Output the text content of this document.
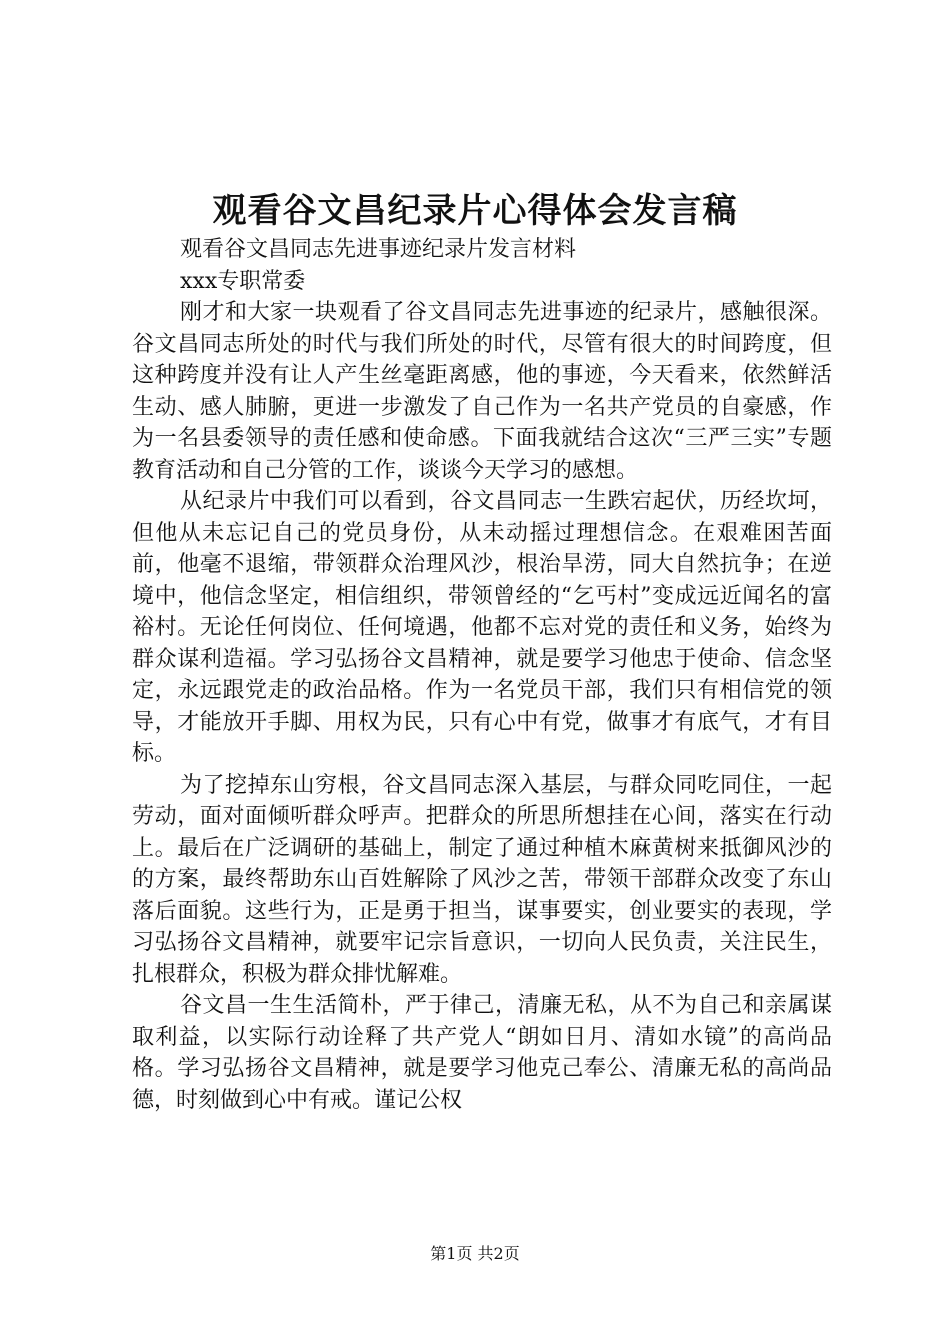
观看谷文昌纪录片心得体会发言稿

观看谷文昌同志先进事迹纪录片发言材料

xxx专职常委

刚才和大家一块观看了谷文昌同志先进事迹的纪录片，感触很深。谷文昌同志所处的时代与我们所处的时代，尽管有很大的时间跨度，但这种跨度并没有让人产生丝毫距离感，他的事迹，今天看来，依然鲜活生动、感人肺腑，更进一步激发了自己作为一名共产党员的自豪感，作为一名县委领导的责任感和使命感。下面我就结合这次“三严三实”专题教育活动和自己分管的工作，谈谈今天学习的感想。

从纪录片中我们可以看到，谷文昌同志一生跌宕起伏，历经坎坷，但他从未忘记自己的党员身份，从未动摇过理想信念。在艰难困苦面前，他毫不退缩，带领群众治理风沙，根治旱涝，同大自然抗争；在逆境中，他信念坚定，相信组织，带领曾经的“乞丐村”变成远近闻名的富裕村。无论任何岗位、任何境遇，他都不忘对党的责任和义务，始终为群众谋利造福。学习弘扬谷文昌精神，就是要学习他忠于使命、信念坚定，永远跟党走的政治品格。作为一名党员干部，我们只有相信党的领导，才能放开手脚、用权为民，只有心中有党，做事才有底气，才有目标。

为了挖掉东山穷根，谷文昌同志深入基层，与群众同吃同住，一起劳动，面对面倾听群众呼声。把群众的所思所想挂在心间，落实在行动上。最后在广泛调研的基础上，制定了通过种植木麻黄树来抵御风沙的的方案，最终帮助东山百姓解除了风沙之苦，带领干部群众改变了东山落后面貌。这些行为，正是勇于担当，谋事要实，创业要实的表现，学习弘扬谷文昌精神，就要牢记宗旨意识，一切向人民负责，关注民生，扎根群众，积极为群众排忧解难。

谷文昌一生生活简朴，严于律己，清廉无私，从不为自己和亲属谋取利益，以实际行动诠释了共产党人“朗如日月、清如水镜”的高尚品格。学习弘扬谷文昌精神，就是要学习他克己奉公、清廉无私的高尚品德，时刻做到心中有戒。谨记公权

第1页 共2页
